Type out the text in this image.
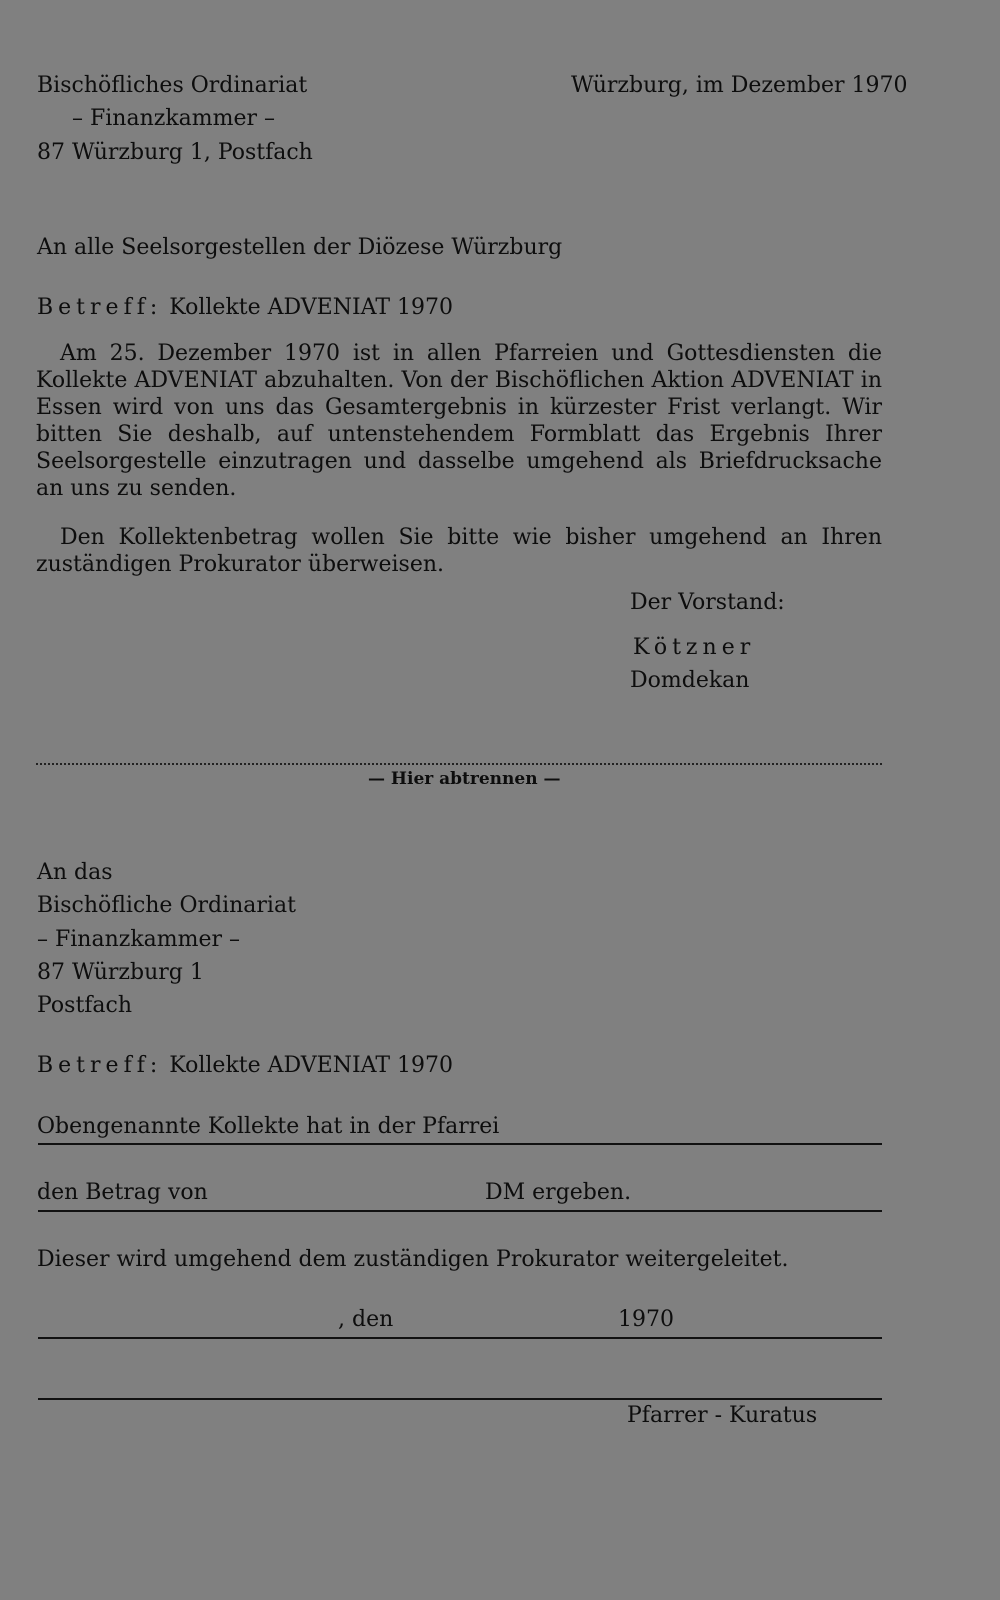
Bischöfliches Ordinariat
– Finanzkammer –
87 Würzburg 1, Postfach
Würzburg, im Dezember 1970
An alle Seelsorgestellen der Diözese Würzburg
Betreff: Kollekte ADVENIAT 1970
Am 25. Dezember 1970 ist in allen Pfarreien und Gottesdiensten die Kollekte ADVENIAT abzuhalten. Von der Bischöflichen Aktion ADVENIAT in Essen wird von uns das Gesamtergebnis in kürzester Frist verlangt. Wir bitten Sie deshalb, auf untenstehendem Formblatt das Ergebnis Ihrer Seelsorgestelle einzutragen und dasselbe umgehend als Briefdrucksache an uns zu senden.
Den Kollektenbetrag wollen Sie bitte wie bisher umgehend an Ihren zuständigen Prokurator überweisen.
Der Vorstand:
Kötzner
Domdekan
— Hier abtrennen —
An das
Bischöfliche Ordinariat
– Finanzkammer –
87 Würzburg 1
Postfach
Betreff: Kollekte ADVENIAT 1970
Obengenannte Kollekte hat in der Pfarrei
den Betrag von	DM ergeben.
Dieser wird umgehend dem zuständigen Prokurator weitergeleitet.
, den	1970
Pfarrer - Kuratus
